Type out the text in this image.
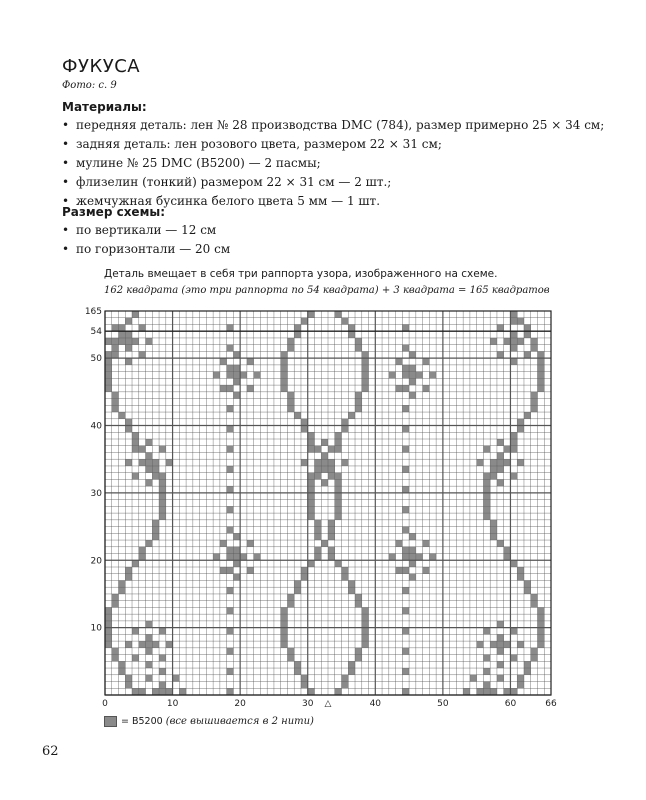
ФУКУСА
Фото: с. 9
Материалы:
• передняя деталь: лен № 28 производства DMC (784), размер примерно 25 × 34 см;
• задняя деталь: лен розового цвета, размером 22 × 31 см;
• мулине № 25 DMC (B5200) — 2 пасмы;
• флизелин (тонкий) размером 22 × 31 см — 2 шт.;
• жемчужная бусинка белого цвета 5 мм — 1 шт.
Размер схемы:
• по вертикали — 12 см
• по горизонтали — 20 см
Деталь вмещает в себя три раппорта узора, изображенного на схеме.
162 квадрата (это три раппорта по 54 квадрата) + 3 квадрата = 165 квадратов
0	10	20	30	40	50	60	66
△
165
54
50
40
30
20
10
= B5200 (все вышивается в 2 нити)
62
